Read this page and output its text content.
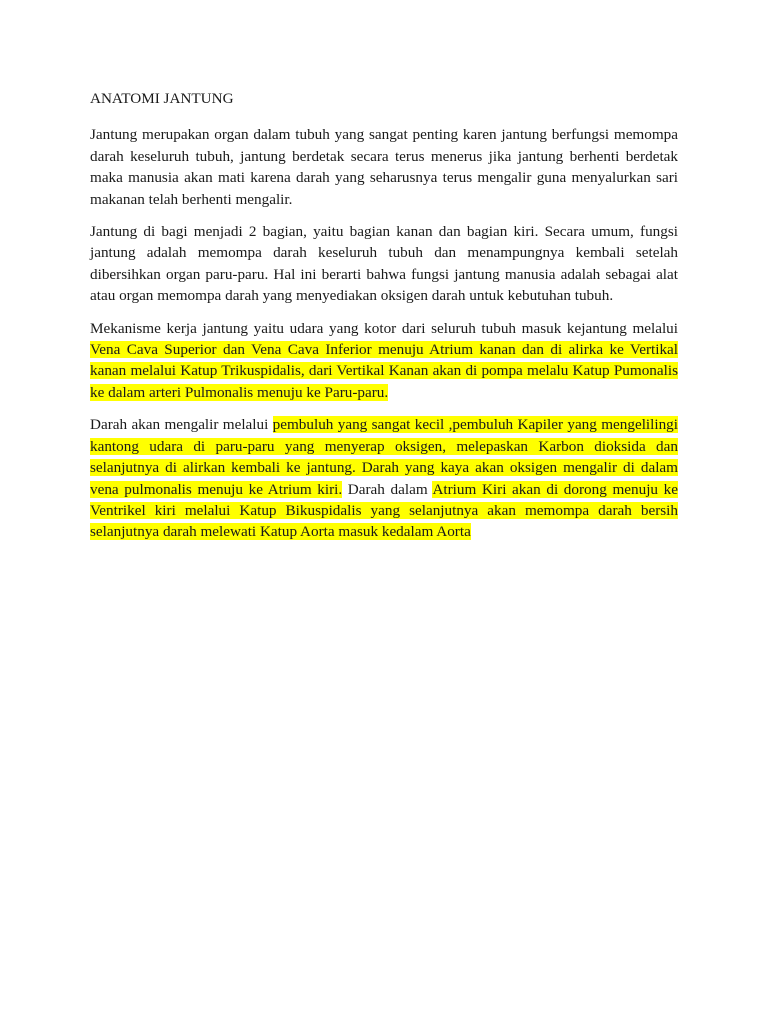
ANATOMI JANTUNG

Jantung merupakan organ dalam tubuh yang sangat penting karen jantung berfungsi memompa darah keseluruh tubuh, jantung berdetak secara terus menerus jika jantung berhenti berdetak maka manusia akan mati karena darah yang seharusnya terus mengalir guna menyalurkan sari makanan telah berhenti mengalir.

Jantung di bagi menjadi 2 bagian, yaitu bagian kanan dan bagian kiri. Secara umum, fungsi jantung adalah memompa darah keseluruh tubuh dan menampungnya kembali setelah dibersihkan organ paru-paru. Hal ini berarti bahwa fungsi jantung manusia adalah sebagai alat atau organ memompa darah yang menyediakan oksigen darah untuk kebutuhan tubuh.

Mekanisme kerja jantung yaitu udara yang kotor dari seluruh tubuh masuk kejantung melalui Vena Cava Superior dan Vena Cava Inferior menuju Atrium kanan dan di alirka ke Vertikal kanan melalui Katup Trikuspidalis, dari Vertikal Kanan akan di pompa melalu Katup Pumonalis ke dalam arteri Pulmonalis menuju ke Paru-paru.

Darah akan mengalir melalui pembuluh yang sangat kecil ,pembuluh Kapiler yang mengelilingi kantong udara di paru-paru yang menyerap oksigen, melepaskan Karbon dioksida dan selanjutnya di alirkan kembali ke jantung. Darah yang kaya akan oksigen mengalir di dalam vena pulmonalis menuju ke Atrium kiri. Darah dalam Atrium Kiri akan di dorong menuju ke Ventrikel kiri melalui Katup Bikuspidalis yang selanjutnya akan memompa darah bersih selanjutnya darah melewati Katup Aorta masuk kedalam Aorta
